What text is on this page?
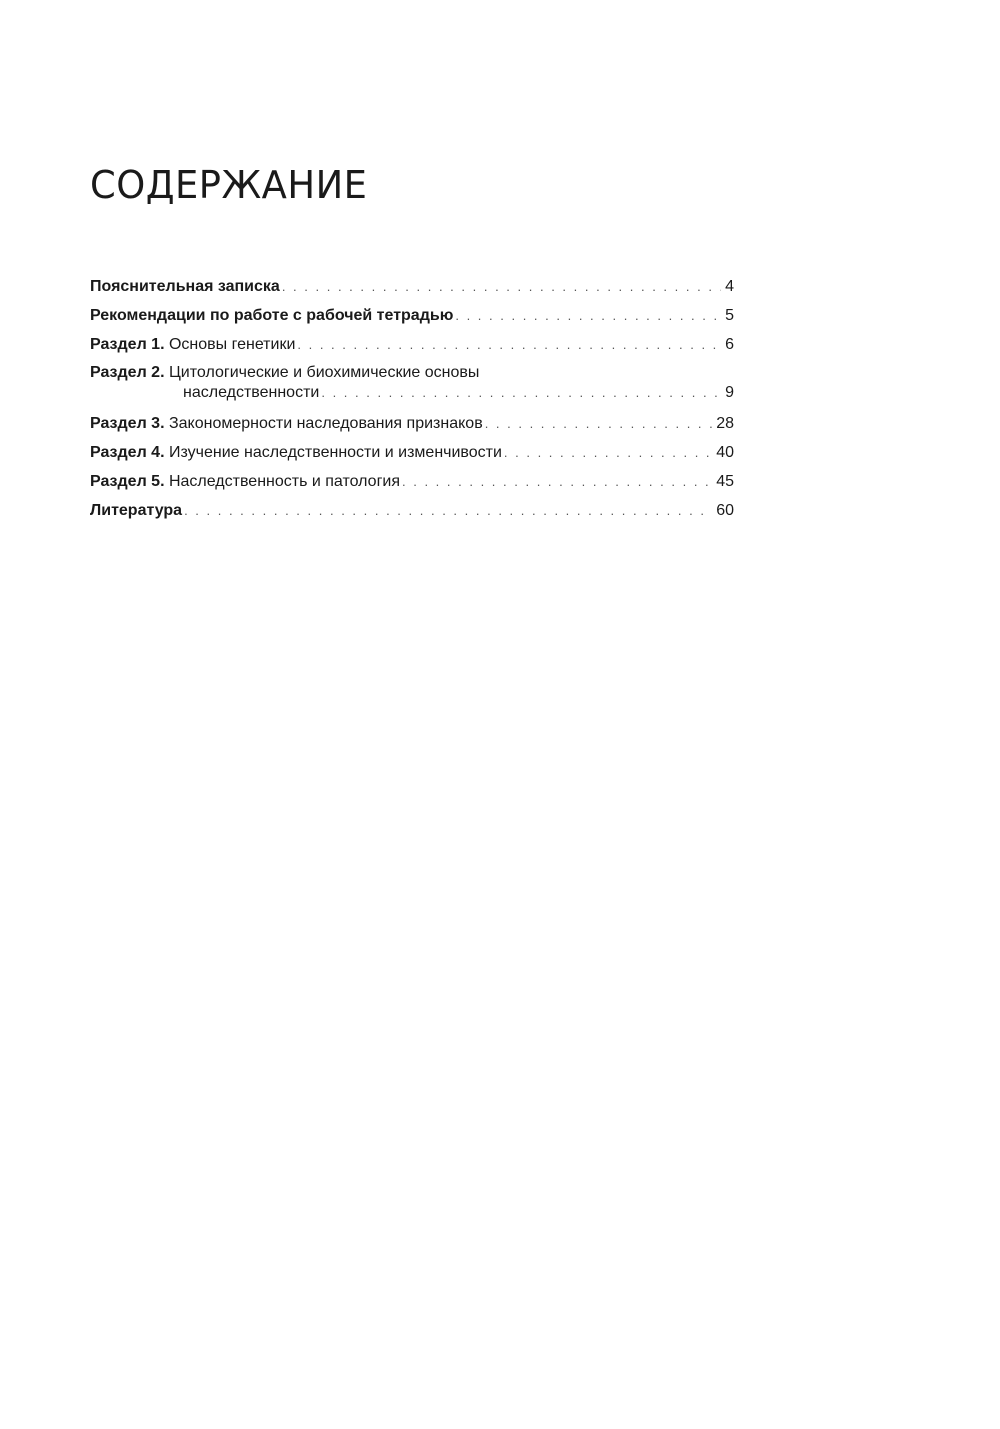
СОДЕРЖАНИЕ
Пояснительная записка . . .	4
Рекомендации по работе с рабочей тетрадью . . .	5
Раздел 1. Основы генетики . . .	6
Раздел 2. Цитологические и биохимические основы
наследственности . . .	9
Раздел 3. Закономерности наследования признаков . . .	28
Раздел 4. Изучение наследственности и изменчивости . . .	40
Раздел 5. Наследственность и патология . . .	45
Литература . . .	60
